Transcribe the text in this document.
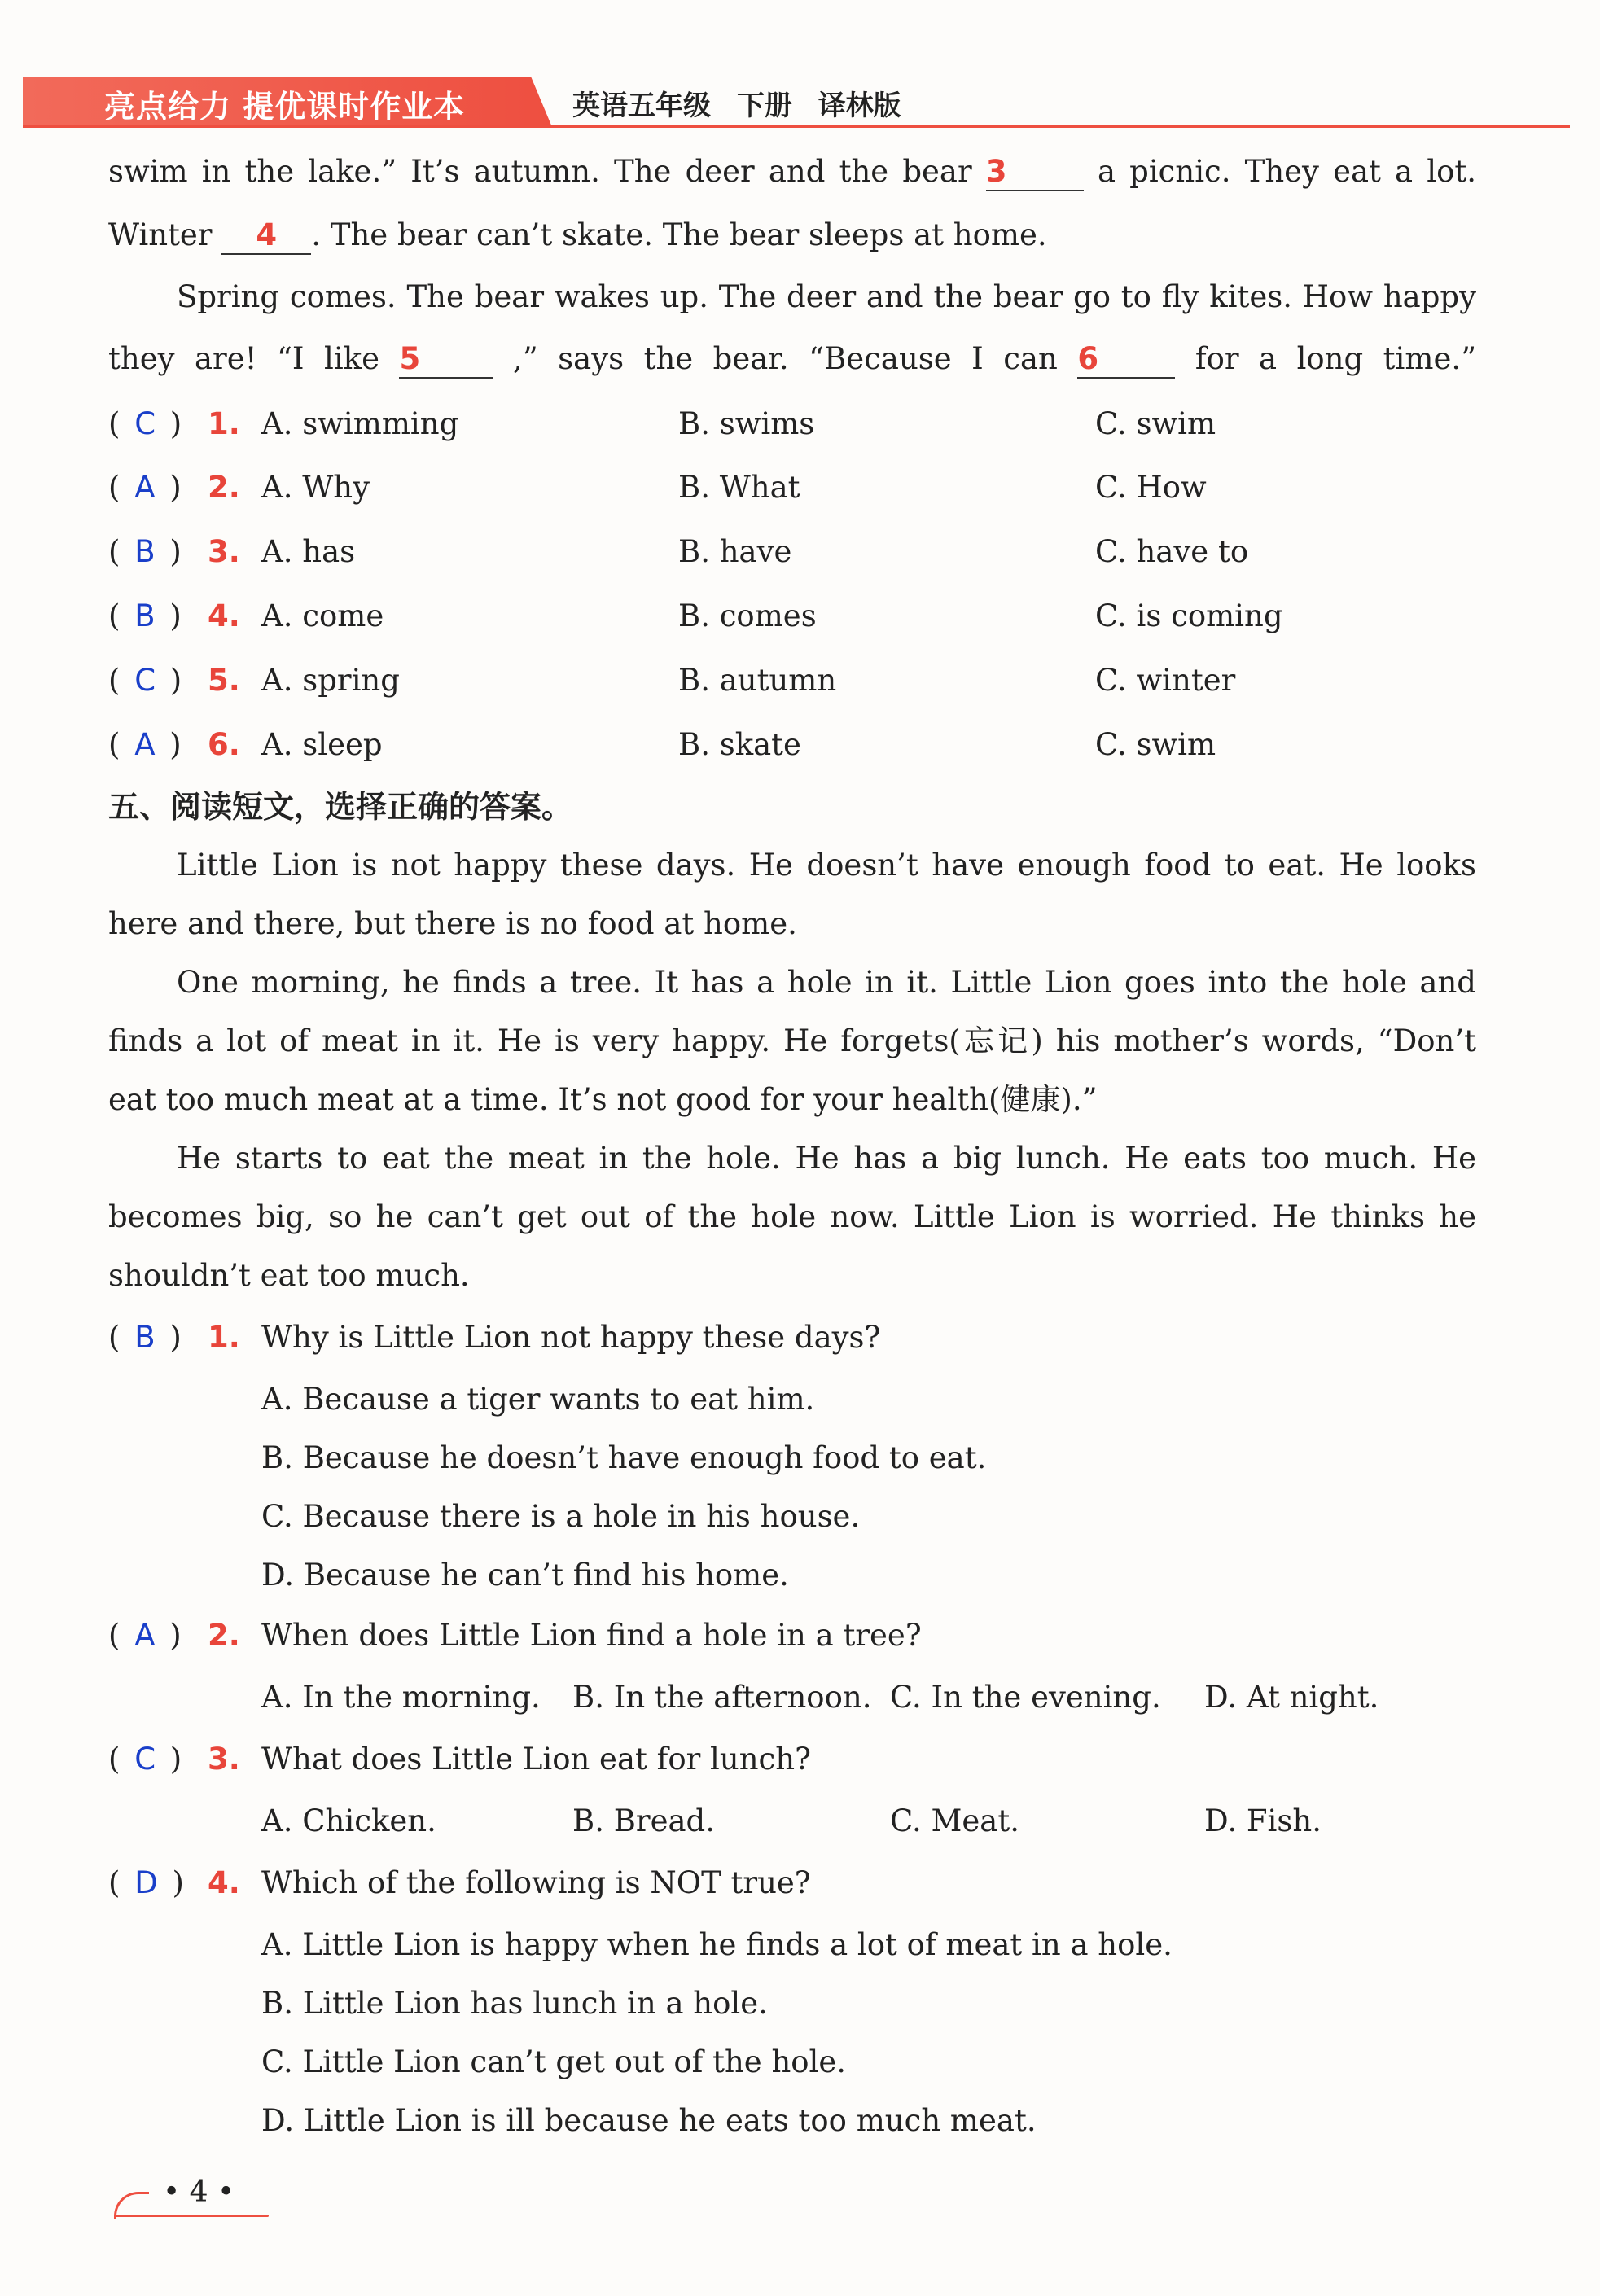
亮点给力 提优课时作业本	英语五年级 下册 译林版
swim in the lake.” It’s autumn. The deer and the bear 3	a picnic. They eat a lot.
Winter 4 . The bear can’t skate. The bear sleeps at home.
Spring comes. The bear wakes up. The deer and the bear go to fly kites. How happy
they are! “I like 5	,” says the bear. “Because I can 6	for a long time.”
( C ) 1. A. swimming	B. swims	C. swim
( A ) 2. A. Why	B. What	C. How
( B ) 3. A. has	B. have	C. have to
( B ) 4. A. come	B. comes	C. is coming
( C ) 5. A. spring	B. autumn	C. winter
( A ) 6. A. sleep	B. skate	C. swim
五、阅读短文，选择正确的答案。
Little Lion is not happy these days. He doesn’t have enough food to eat. He looks
here and there, but there is no food at home.
One morning, he finds a tree. It has a hole in it. Little Lion goes into the hole and
finds a lot of meat in it. He is very happy. He forgets(忘记) his mother’s words, “Don’t
eat too much meat at a time. It’s not good for your health(健康).”
He starts to eat the meat in the hole. He has a big lunch. He eats too much. He
becomes big, so he can’t get out of the hole now. Little Lion is worried. He thinks he
shouldn’t eat too much.
( B ) 1. Why is Little Lion not happy these days?
A. Because a tiger wants to eat him.
B. Because he doesn’t have enough food to eat.
C. Because there is a hole in his house.
D. Because he can’t find his home.
( A ) 2. When does Little Lion find a hole in a tree?
A. In the morning. B. In the afternoon. C. In the evening. D. At night.
( C ) 3. What does Little Lion eat for lunch?
A. Chicken.	B. Bread.	C. Meat.	D. Fish.
( D ) 4. Which of the following is NOT true?
A. Little Lion is happy when he finds a lot of meat in a hole.
B. Little Lion has lunch in a hole.
C. Little Lion can’t get out of the hole.
D. Little Lion is ill because he eats too much meat.
• 4 •
